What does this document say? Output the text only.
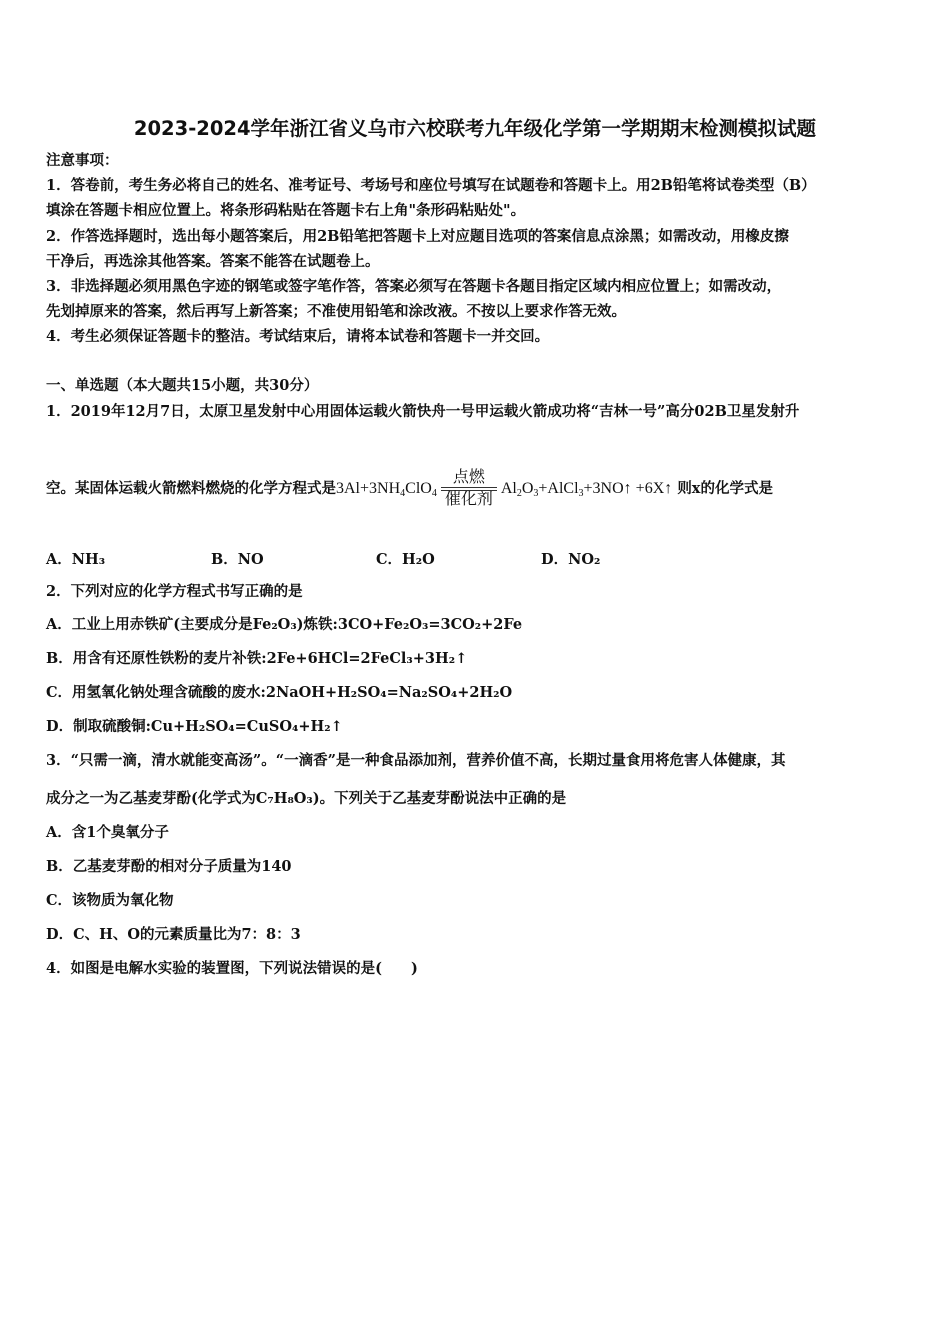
2023-2024学年浙江省义乌市六校联考九年级化学第一学期期末检测模拟试题
注意事项：
1．答卷前，考生务必将自己的姓名、准考证号、考场号和座位号填写在试题卷和答题卡上。用2B铅笔将试卷类型（B）
填涂在答题卡相应位置上。将条形码粘贴在答题卡右上角"条形码粘贴处"。
2．作答选择题时，选出每小题答案后，用2B铅笔把答题卡上对应题目选项的答案信息点涂黑；如需改动，用橡皮擦
干净后，再选涂其他答案。答案不能答在试题卷上。
3．非选择题必须用黑色字迹的钢笔或签字笔作答，答案必须写在答题卡各题目指定区域内相应位置上；如需改动，
先划掉原来的答案，然后再写上新答案；不准使用铅笔和涂改液。不按以上要求作答无效。
4．考生必须保证答题卡的整洁。考试结束后，请将本试卷和答题卡一并交回。
一、单选题（本大题共15小题，共30分）
1．2019年12月7日，太原卫星发射中心用固体运载火箭快舟一号甲运载火箭成功将“吉林一号”高分02B卫星发射升
空。某固体运载火箭燃料燃烧的化学方程式是$3Al+3NH4ClO4 \frac{\text{点燃}}{\text{催化剂}}$ Al2O3+AlCl3+3NO↑ +6X↑ 则x的化学式是
A．NH₃	B．NO	C．H₂O	D．NO₂
2．下列对应的化学方程式书写正确的是
A．工业上用赤铁矿(主要成分是Fe₂O₃)炼铁:3CO+Fe₂O₃=3CO₂+2Fe
B．用含有还原性铁粉的麦片补铁:2Fe+6HCl=2FeCl₃+3H₂↑
C．用氢氧化钠处理含硫酸的废水:2NaOH+H₂SO₄=Na₂SO₄+2H₂O
D．制取硫酸铜:Cu+H₂SO₄=CuSO₄+H₂↑
3．“只需一滴，清水就能变高汤”。“一滴香”是一种食品添加剂，营养价值不高，长期过量食用将危害人体健康，其
成分之一为乙基麦芽酚(化学式为C₇H₈O₃)。下列关于乙基麦芽酚说法中正确的是
A．含1个臭氧分子
B．乙基麦芽酚的相对分子质量为140
C．该物质为氧化物
D．C、H、O的元素质量比为7：8：3
4．如图是电解水实验的装置图，下列说法错误的是(　　)
